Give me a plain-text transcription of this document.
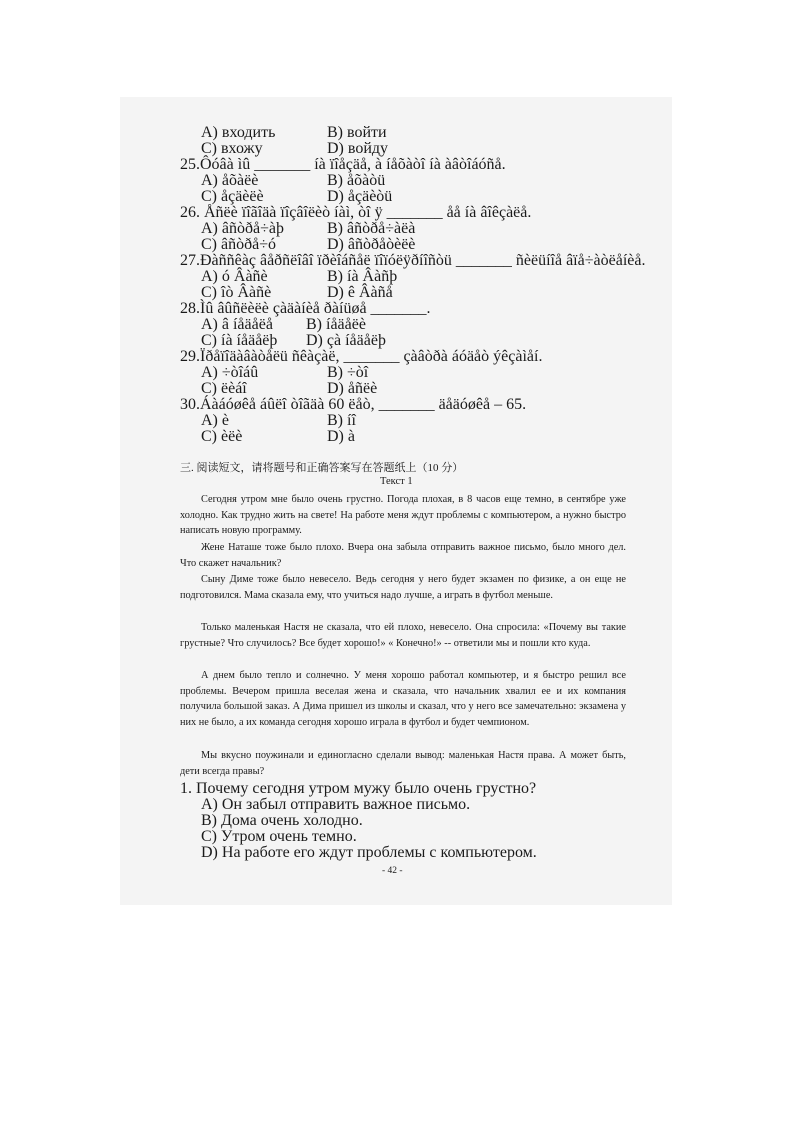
A) входить	B) войти
C) вхожу	D) войду
25.Ôóâà ìû _______ íà ïîåçäå, à íåõàòî íà àâòîáóñå.
A) åõàëè	B) åõàòü
C) åçäèëè	D) åçäèòü
26. Åñëè ïîãîäà ïîçâîëèò íàì, òî ÿ _______ åå íà âîêçàëå.
A) âñòðå÷àþ	B) âñòðå÷àëà
C) âñòðå÷ó	D) âñòðåòèëè
27.Ðàññêàç âåðñëîâî ïðèîáñåë ïîïóëÿðíîñòü _______ ñèëüíîå âïå÷àòëåíèå.
A) ó Âàñè	B) íà Âàñþ
C) îò Âàñè	D) ê Âàñå
28.Ìû âûñëèëè çàäàíèå ðàíüøå _______.
A) â íåäåëå B) íåäåëè
C) íà íåäåëþ D) çà íåäåëþ
29.Ïðåïîäàâàòåëü ñêàçàë, _______ çàâòðà áóäåò ýêçàìåí.
A) ÷òîáû	B) ÷òî
C) ëèáî	D) åñëè
30.Áàáóøêå áûëî òîãäà 60 ëåò, _______ äåäóøêå – 65.
A) è	B) íî
C) èëè	D) à
三. 阅读短文，请将题号和正确答案写在答题纸上（10 分）
Текст 1
Сегодня утром мне было очень грустно. Погода плохая, в 8 часов еще темно, в сентябре уже холодно. Как трудно жить на свете! На работе меня ждут проблемы с компьютером, а нужно быстро написать новую программу.
Жене Наташе тоже было плохо. Вчера она забыла отправить важное письмо, было много дел. Что скажет начальник?
Сыну Диме тоже было невесело. Ведь сегодня у него будет экзамен по физике, а он еще не подготовился. Мама сказала ему, что учиться надо лучше, а играть в футбол меньше.
Только маленькая Настя не сказала, что ей плохо, невесело. Она спросила: «Почему вы такие грустные? Что случилось? Все будет хорошо!» « Конечно!» -- ответили мы и пошли кто куда.
А днем было тепло и солнечно. У меня хорошо работал компьютер, и я быстро решил все проблемы. Вечером пришла веселая жена и сказала, что начальник хвалил ее и их компания получила большой заказ. А Дима пришел из школы и сказал, что у него все замечательно: экзамена у них не было, а их команда сегодня хорошо играла в футбол и будет чемпионом.
Мы вкусно поужинали и единогласно сделали вывод: маленькая Настя права. А может быть, дети всегда правы?
1. Почему сегодня утром мужу было очень грустно?
A) Он забыл отправить важное письмо.
B) Дома очень холодно.
C) Утром очень темно.
D) На работе его ждут проблемы с компьютером.
- 42 -
